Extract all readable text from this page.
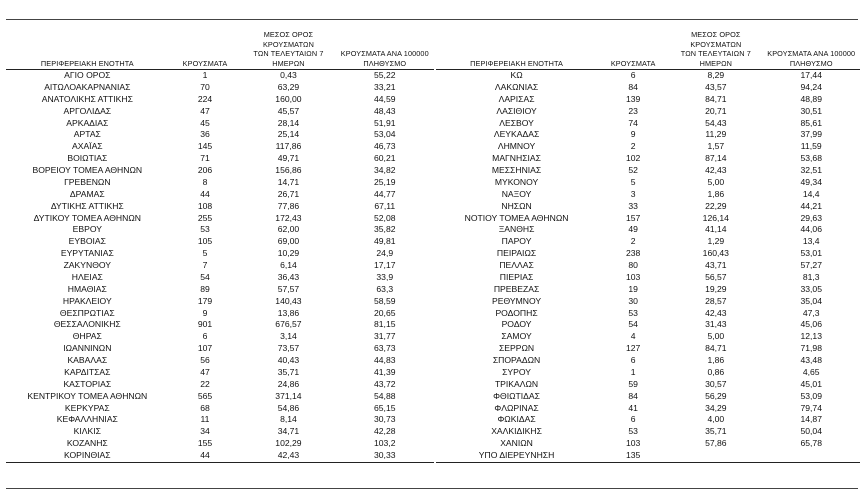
ΠΕΡΙΦΕΡΕΙΑΚΗ ΕΝΟΤΗΤΑ	ΚΡΟΥΣΜΑΤΑ	ΜΕΣΟΣ ΟΡΟΣ ΚΡΟΥΣΜΑΤΩΝ
ΤΩΝ ΤΕΛΕΥΤΑΙΩΝ 7
ΗΜΕΡΩΝ	ΚΡΟΥΣΜΑΤΑ ΑΝΑ 100000
ΠΛΗΘΥΣΜΟ
ΑΓΙΟ ΟΡΟΣ	1	0,43	55,22
ΑΙΤΩΛΟΑΚΑΡΝΑΝΙΑΣ	70	63,29	33,21
ΑΝΑΤΟΛΙΚΗΣ ΑΤΤΙΚΗΣ	224	160,00	44,59
ΑΡΓΟΛΙΔΑΣ	47	45,57	48,43
ΑΡΚΑΔΙΑΣ	45	28,14	51,91
ΑΡΤΑΣ	36	25,14	53,04
ΑΧΑΪΑΣ	145	117,86	46,73
ΒΟΙΩΤΙΑΣ	71	49,71	60,21
ΒΟΡΕΙΟΥ ΤΟΜΕΑ ΑΘΗΝΩΝ	206	156,86	34,82
ΓΡΕΒΕΝΩΝ	8	14,71	25,19
ΔΡΑΜΑΣ	44	26,71	44,77
ΔΥΤΙΚΗΣ ΑΤΤΙΚΗΣ	108	77,86	67,11
ΔΥΤΙΚΟΥ ΤΟΜΕΑ ΑΘΗΝΩΝ	255	172,43	52,08
ΕΒΡΟΥ	53	62,00	35,82
ΕΥΒΟΙΑΣ	105	69,00	49,81
ΕΥΡΥΤΑΝΙΑΣ	5	10,29	24,9
ΖΑΚΥΝΘΟΥ	7	6,14	17,17
ΗΛΕΙΑΣ	54	36,43	33,9
ΗΜΑΘΙΑΣ	89	57,57	63,3
ΗΡΑΚΛΕΙΟΥ	179	140,43	58,59
ΘΕΣΠΡΩΤΙΑΣ	9	13,86	20,65
ΘΕΣΣΑΛΟΝΙΚΗΣ	901	676,57	81,15
ΘΗΡΑΣ	6	3,14	31,77
ΙΩΑΝΝΙΝΩΝ	107	73,57	63,73
ΚΑΒΑΛΑΣ	56	40,43	44,83
ΚΑΡΔΙΤΣΑΣ	47	35,71	41,39
ΚΑΣΤΟΡΙΑΣ	22	24,86	43,72
ΚΕΝΤΡΙΚΟΥ ΤΟΜΕΑ ΑΘΗΝΩΝ	565	371,14	54,88
ΚΕΡΚΥΡΑΣ	68	54,86	65,15
ΚΕΦΑΛΛΗΝΙΑΣ	11	8,14	30,73
ΚΙΛΚΙΣ	34	34,71	42,28
ΚΟΖΑΝΗΣ	155	102,29	103,2
ΚΟΡΙΝΘΙΑΣ	44	42,43	30,33
ΠΕΡΙΦΕΡΕΙΑΚΗ ΕΝΟΤΗΤΑ	ΚΡΟΥΣΜΑΤΑ	ΜΕΣΟΣ ΟΡΟΣ ΚΡΟΥΣΜΑΤΩΝ
ΤΩΝ ΤΕΛΕΥΤΑΙΩΝ 7
ΗΜΕΡΩΝ	ΚΡΟΥΣΜΑΤΑ ΑΝΑ 100000
ΠΛΗΘΥΣΜΟ
ΚΩ	6	8,29	17,44
ΛΑΚΩΝΙΑΣ	84	43,57	94,24
ΛΑΡΙΣΑΣ	139	84,71	48,89
ΛΑΣΙΘΙΟΥ	23	20,71	30,51
ΛΕΣΒΟΥ	74	54,43	85,61
ΛΕΥΚΑΔΑΣ	9	11,29	37,99
ΛΗΜΝΟΥ	2	1,57	11,59
ΜΑΓΝΗΣΙΑΣ	102	87,14	53,68
ΜΕΣΣΗΝΙΑΣ	52	42,43	32,51
ΜΥΚΟΝΟΥ	5	5,00	49,34
ΝΑΞΟΥ	3	1,86	14,4
ΝΗΣΩΝ	33	22,29	44,21
ΝΟΤΙΟΥ ΤΟΜΕΑ ΑΘΗΝΩΝ	157	126,14	29,63
ΞΑΝΘΗΣ	49	41,14	44,06
ΠΑΡΟΥ	2	1,29	13,4
ΠΕΙΡΑΙΩΣ	238	160,43	53,01
ΠΕΛΛΑΣ	80	43,71	57,27
ΠΙΕΡΙΑΣ	103	56,57	81,3
ΠΡΕΒΕΖΑΣ	19	19,29	33,05
ΡΕΘΥΜΝΟΥ	30	28,57	35,04
ΡΟΔΟΠΗΣ	53	42,43	47,3
ΡΟΔΟΥ	54	31,43	45,06
ΣΑΜΟΥ	4	5,00	12,13
ΣΕΡΡΩΝ	127	84,71	71,98
ΣΠΟΡΑΔΩΝ	6	1,86	43,48
ΣΥΡΟΥ	1	0,86	4,65
ΤΡΙΚΑΛΩΝ	59	30,57	45,01
ΦΘΙΩΤΙΔΑΣ	84	56,29	53,09
ΦΛΩΡΙΝΑΣ	41	34,29	79,74
ΦΩΚΙΔΑΣ	6	4,00	14,87
ΧΑΛΚΙΔΙΚΗΣ	53	35,71	50,04
ΧΑΝΙΩΝ	103	57,86	65,78
ΥΠΟ ΔΙΕΡΕΥΝΗΣΗ	135		
